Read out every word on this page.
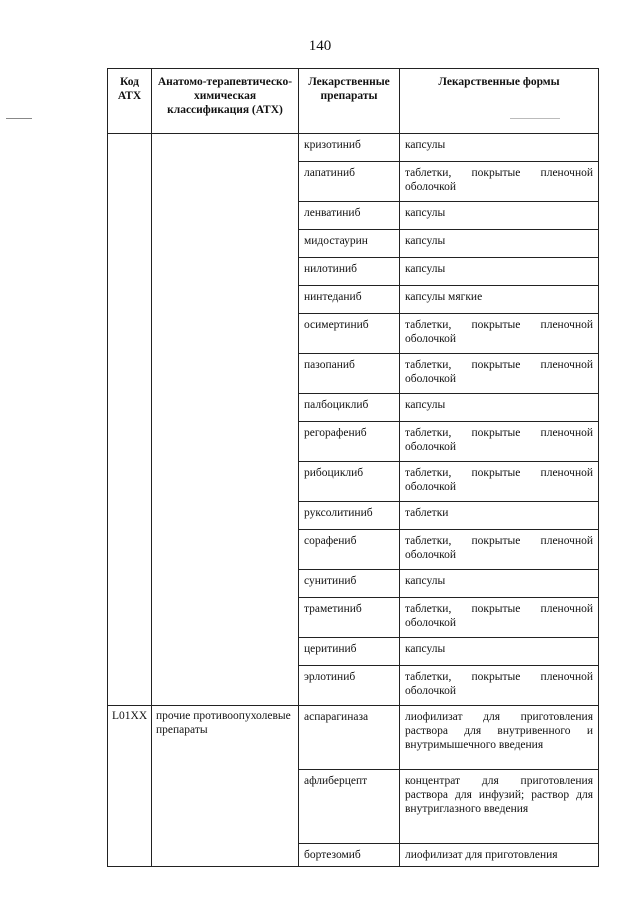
140
Код АТХ	Анатомо-терапевтическо-химическая классификация (АТХ)	Лекарственные препараты	Лекарственные формы
		кризотиниб	капсулы
		лапатиниб	таблетки, покрытые пленочной оболочкой
		ленватиниб	капсулы
		мидостаурин	капсулы
		нилотиниб	капсулы
		нинтеданиб	капсулы мягкие
		осимертиниб	таблетки, покрытые пленочной оболочкой
		пазопаниб	таблетки, покрытые пленочной оболочкой
		палбоциклиб	капсулы
		регорафениб	таблетки, покрытые пленочной оболочкой
		рибоциклиб	таблетки, покрытые пленочной оболочкой
		руксолитиниб	таблетки
		сорафениб	таблетки, покрытые пленочной оболочкой
		сунитиниб	капсулы
		траметиниб	таблетки, покрытые пленочной оболочкой
		церитиниб	капсулы
		эрлотиниб	таблетки, покрытые пленочной оболочкой
L01XX	прочие противоопухолевые препараты	аспарагиназа	лиофилизат для приготовления раствора для внутривенного и внутримышечного введения
		афлиберцепт	концентрат для приготовления раствора для инфузий; раствор для внутриглазного введения
		бортезомиб	лиофилизат для приготовления
